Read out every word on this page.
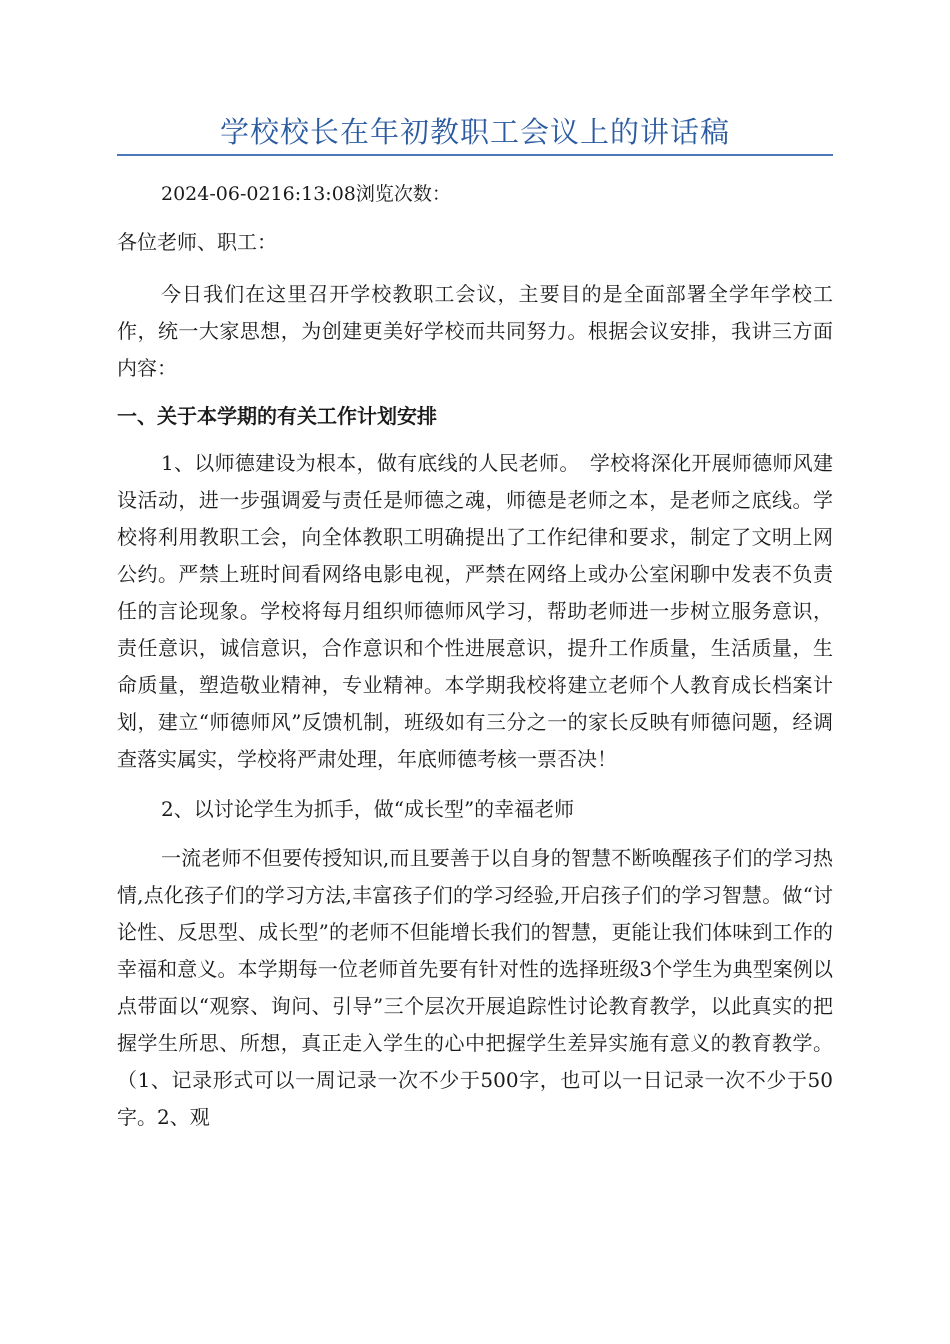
学校校长在年初教职工会议上的讲话稿
2024-06-0216:13:08浏览次数：
各位老师、职工：

今日我们在这里召开学校教职工会议，主要目的是全面部署全学年学校工作，统一大家思想，为创建更美好学校而共同努力。根据会议安排，我讲三方面内容：

一、关于本学期的有关工作计划安排

1、以师德建设为根本，做有底线的人民老师。　学校将深化开展师德师风建设活动，进一步强调爱与责任是师德之魂，师德是老师之本，是老师之底线。学校将利用教职工会，向全体教职工明确提出了工作纪律和要求，制定了文明上网公约。严禁上班时间看网络电影电视，严禁在网络上或办公室闲聊中发表不负责任的言论现象。学校将每月组织师德师风学习，帮助老师进一步树立服务意识，责任意识，诚信意识，合作意识和个性进展意识，提升工作质量，生活质量，生命质量，塑造敬业精神，专业精神。本学期我校将建立老师个人教育成长档案计划，建立“师德师风”反馈机制，班级如有三分之一的家长反映有师德问题，经调查落实属实，学校将严肃处理，年底师德考核一票否决！

2、以讨论学生为抓手，做“成长型”的幸福老师

一流老师不但要传授知识,而且要善于以自身的智慧不断唤醒孩子们的学习热情,点化孩子们的学习方法,丰富孩子们的学习经验,开启孩子们的学习智慧。做“讨论性、反思型、成长型”的老师不但能增长我们的智慧，更能让我们体味到工作的幸福和意义。本学期每一位老师首先要有针对性的选择班级3个学生为典型案例以点带面以“观察、询问、引导”三个层次开展追踪性讨论教育教学，以此真实的把握学生所思、所想，真正走入学生的心中把握学生差异实施有意义的教育教学。（1、记录形式可以一周记录一次不少于500字，也可以一日记录一次不少于50字。2、观
